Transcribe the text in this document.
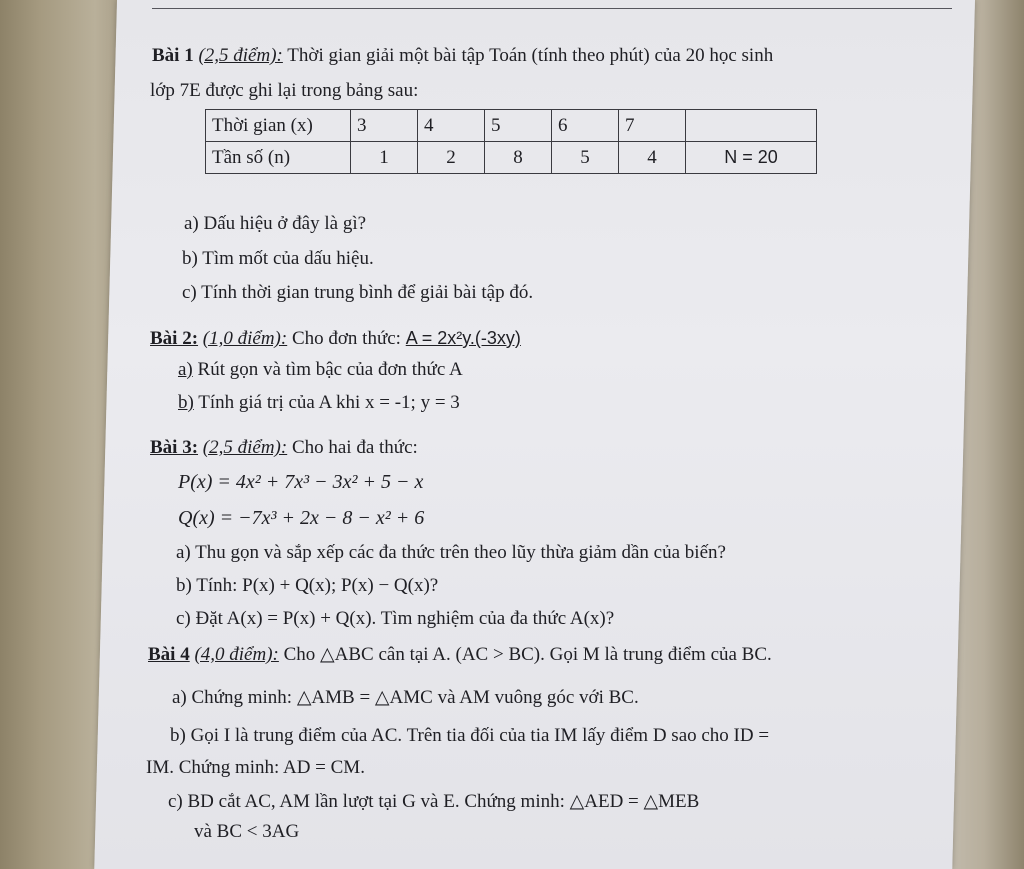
Bài 1 (2,5 điểm): Thời gian giải một bài tập Toán (tính theo phút) của 20 học sinh
lớp 7E được ghi lại trong bảng sau:
Thời gian (x)	3	4	5	6	7	
Tần số (n)	1	2	8	5	4	N = 20
a) Dấu hiệu ở đây là gì?
b) Tìm mốt của dấu hiệu.
c) Tính thời gian trung bình để giải bài tập đó.
Bài 2: (1,0 điểm): Cho đơn thức: A = 2x²y.(-3xy)
a) Rút gọn và tìm bậc của đơn thức A
b) Tính giá trị của A khi x = -1; y = 3
Bài 3: (2,5 điểm): Cho hai đa thức:
P(x) = 4x² + 7x³ − 3x² + 5 − x
Q(x) = −7x³ + 2x − 8 − x² + 6
a) Thu gọn và sắp xếp các đa thức trên theo lũy thừa giảm dần của biến?
b) Tính: P(x) + Q(x); P(x) − Q(x)?
c) Đặt A(x) = P(x) + Q(x). Tìm nghiệm của đa thức A(x)?
Bài 4 (4,0 điểm): Cho △ABC cân tại A. (AC > BC). Gọi M là trung điểm của BC.
a) Chứng minh: △AMB = △AMC và AM vuông góc với BC.
b) Gọi I là trung điểm của AC. Trên tia đối của tia IM lấy điểm D sao cho ID =
IM. Chứng minh: AD = CM.
c) BD cắt AC, AM lần lượt tại G và E. Chứng minh: △AED = △MEB
và BC < 3AG
